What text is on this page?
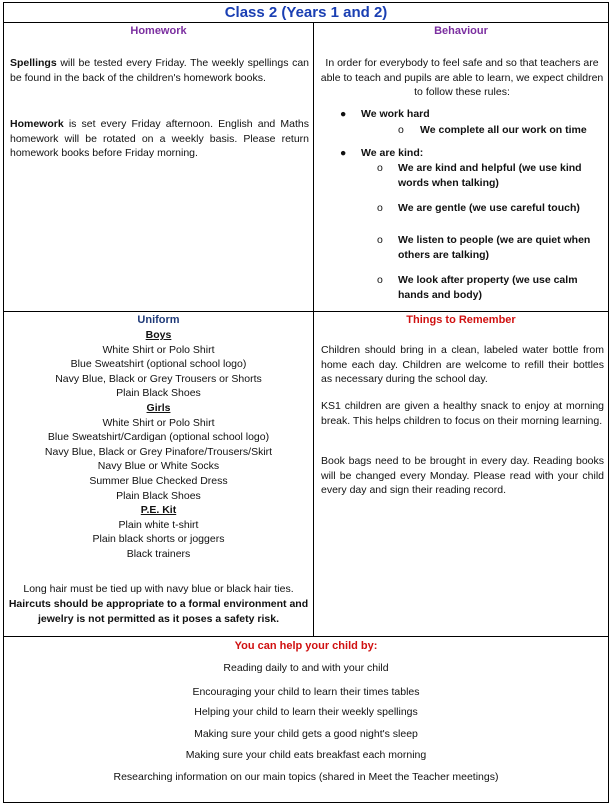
Class 2 (Years 1 and 2)
Homework

Spellings will be tested every Friday. The weekly spellings can be found in the back of the children's homework books.

Homework is set every Friday afternoon. English and Maths homework will be rotated on a weekly basis. Please return homework books before Friday morning.

Behaviour

In order for everybody to feel safe and so that teachers are able to teach and pupils are able to learn, we expect children to follow these rules:

● We work hard
o We complete all our work on time
● We are kind:
o We are kind and helpful (we use kind words when talking)
o We are gentle (we use careful touch)
o We listen to people (we are quiet when others are talking)
o We look after property (we use calm hands and body)
Uniform

Boys

White Shirt or Polo Shirt

Blue Sweatshirt (optional school logo)

Navy Blue, Black or Grey Trousers or Shorts

Plain Black Shoes

Girls

White Shirt or Polo Shirt

Blue Sweatshirt/Cardigan (optional school logo)

Navy Blue, Black or Grey Pinafore/Trousers/Skirt

Navy Blue or White Socks

Summer Blue Checked Dress

Plain Black Shoes

P.E. Kit

Plain white t-shirt

Plain black shorts or joggers

Black trainers

Long hair must be tied up with navy blue or black hair ties.

Haircuts should be appropriate to a formal environment and jewelry is not permitted as it poses a safety risk.

Things to Remember

Children should bring in a clean, labeled water bottle from home each day. Children are welcome to refill their bottles as necessary during the school day.

KS1 children are given a healthy snack to enjoy at morning break. This helps children to focus on their morning learning.

Book bags need to be brought in every day. Reading books will be changed every Monday. Please read with your child every day and sign their reading record.

You can help your child by:

Reading daily to and with your child

Encouraging your child to learn their times tables

Helping your child to learn their weekly spellings

Making sure your child gets a good night's sleep

Making sure your child eats breakfast each morning

Researching information on our main topics (shared in Meet the Teacher meetings)
